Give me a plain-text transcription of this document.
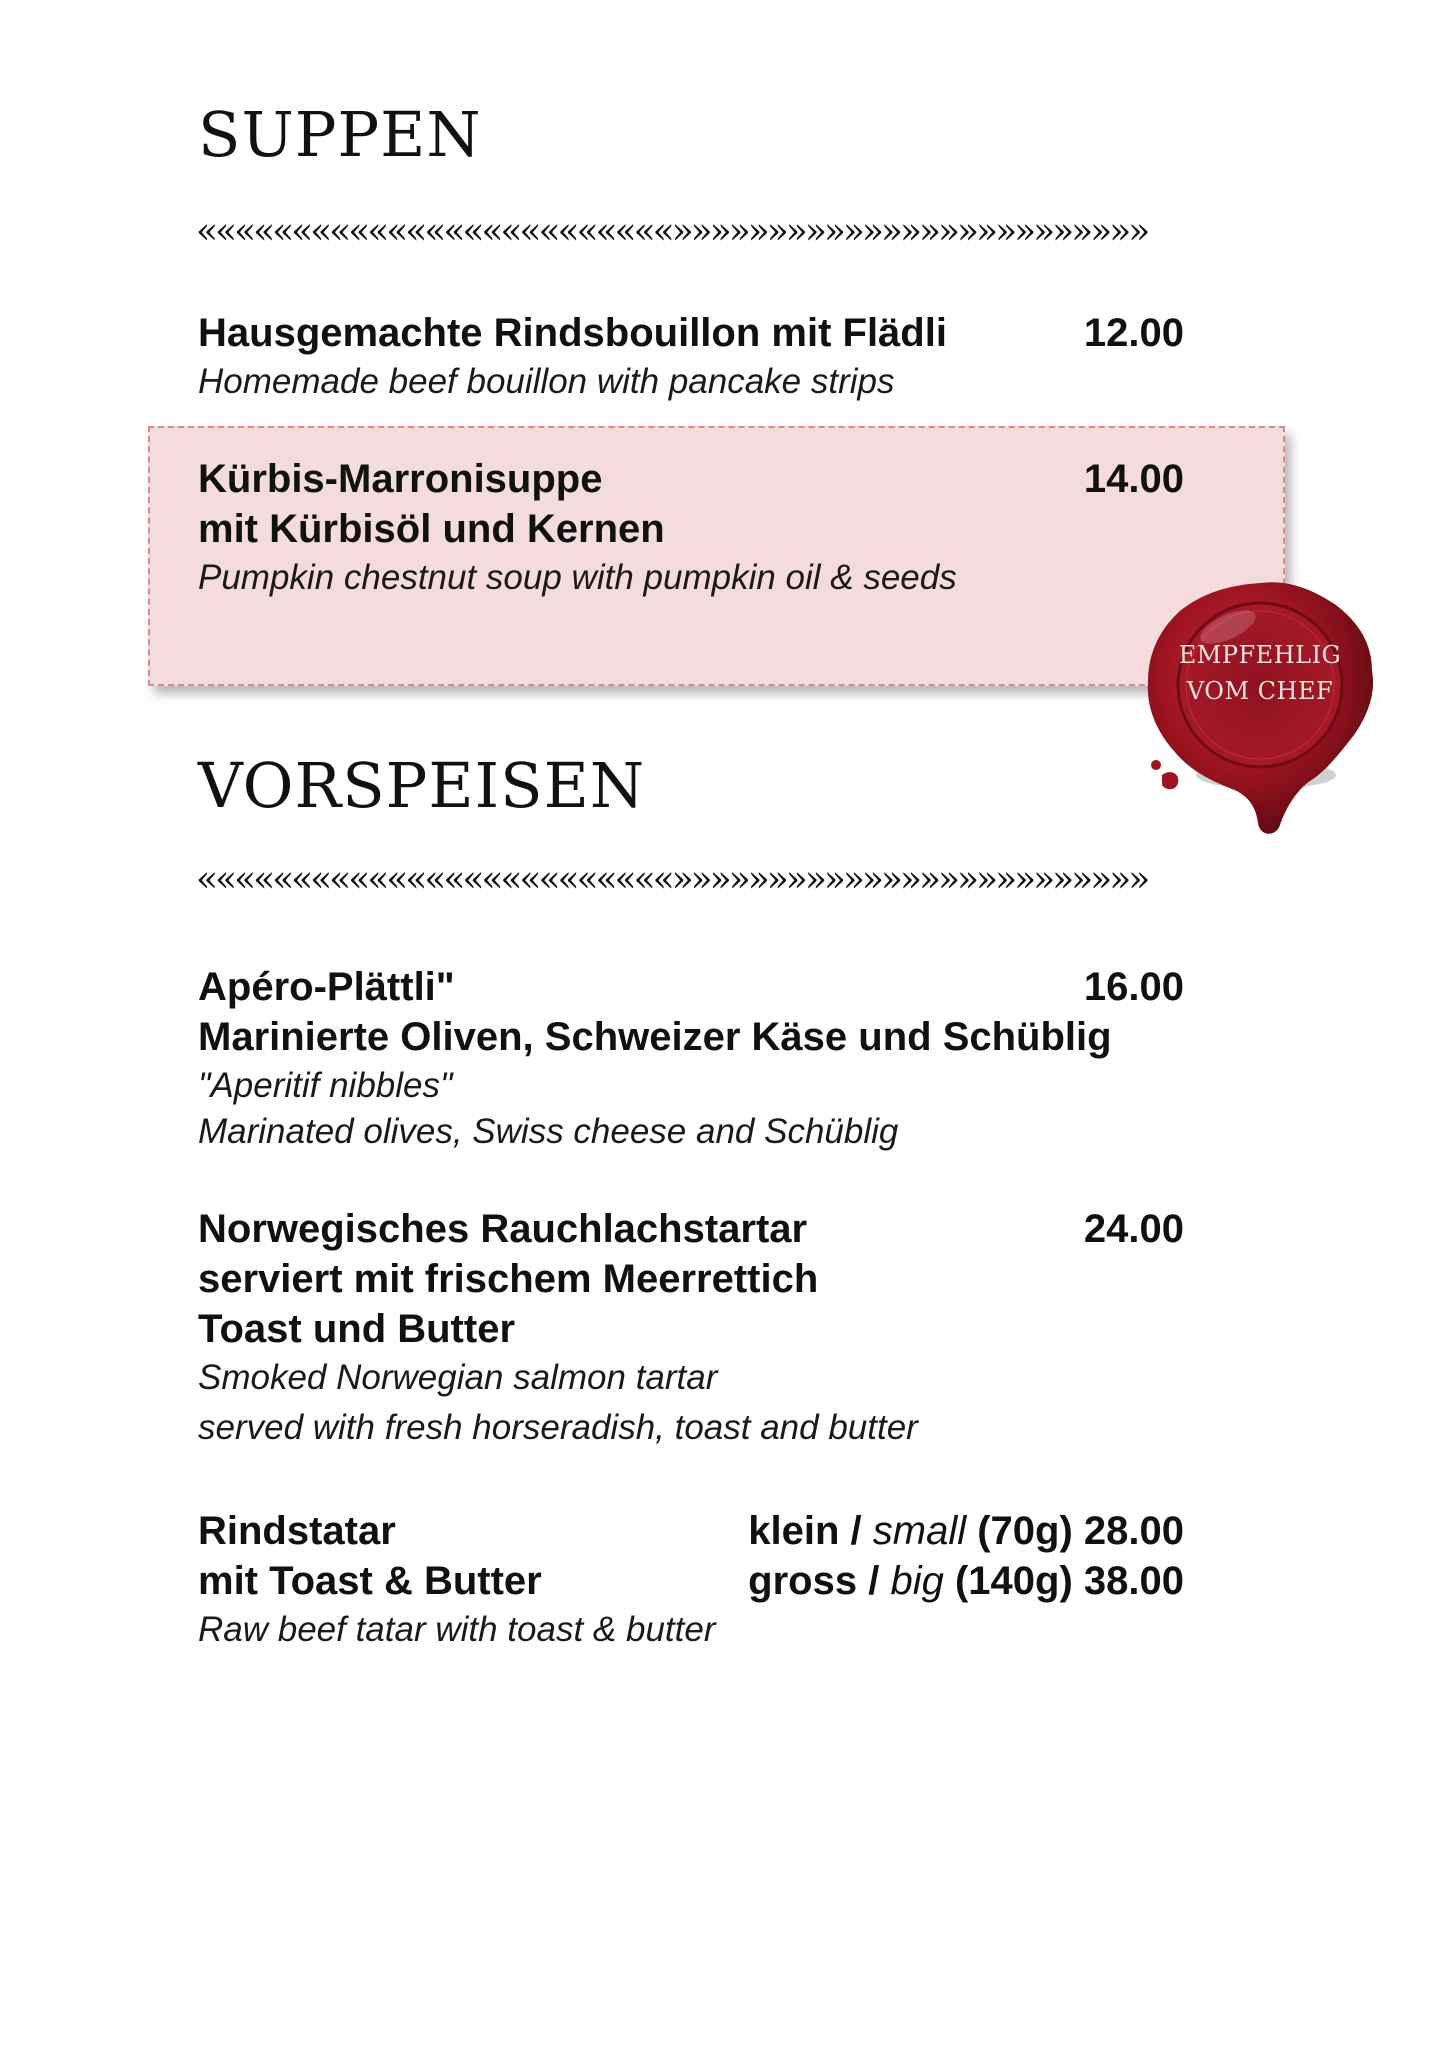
SUPPEN

«««««««««««««««««««««««««»»»»»»»»»»»»»»»»»»»»»»»»»

Hausgemachte Rindsbouillon mit Flädli	12.00

Homemade beef bouillon with pancake strips

Kürbis-Marronisuppe	14.00

mit Kürbisöl und Kernen

Pumpkin chestnut soup with pumpkin oil & seeds

EMPFEHLIG

VOM CHEF

VORSPEISEN

«««««««««««««««««««««««««»»»»»»»»»»»»»»»»»»»»»»»»»

Apéro-Plättli"	16.00

Marinierte Oliven, Schweizer Käse und Schüblig

"Aperitif nibbles"

Marinated olives, Swiss cheese and Schüblig

Norwegisches Rauchlachstartar	24.00

serviert mit frischem Meerrettich

Toast und Butter

Smoked Norwegian salmon tartar

served with fresh horseradish, toast and butter

Rindstatar	klein / small (70g) 28.00

mit Toast & Butter	gross / big (140g) 38.00

Raw beef tatar with toast & butter
